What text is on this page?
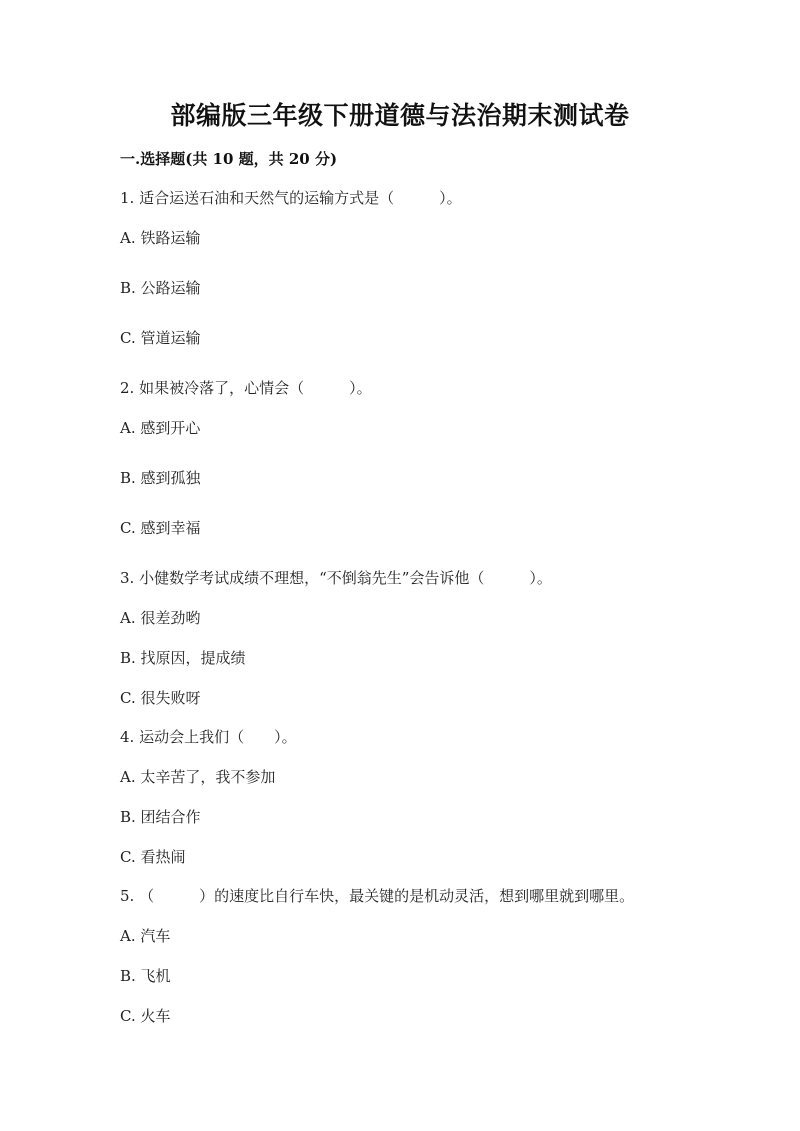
部编版三年级下册道德与法治期末测试卷
一.选择题(共 10 题，共 20 分)
1. 适合运送石油和天然气的运输方式是（　　　）。
A. 铁路运输
B. 公路运输
C. 管道运输
2. 如果被冷落了，心情会（　　　）。
A. 感到开心
B. 感到孤独
C. 感到幸福
3. 小健数学考试成绩不理想，“不倒翁先生”会告诉他（　　　）。
A. 很差劲哟
B. 找原因，提成绩
C. 很失败呀
4. 运动会上我们（　　）。
A. 太辛苦了，我不参加
B. 团结合作
C. 看热闹
5. （　　　）的速度比自行车快，最关键的是机动灵活，想到哪里就到哪里。
A. 汽车
B. 飞机
C. 火车
